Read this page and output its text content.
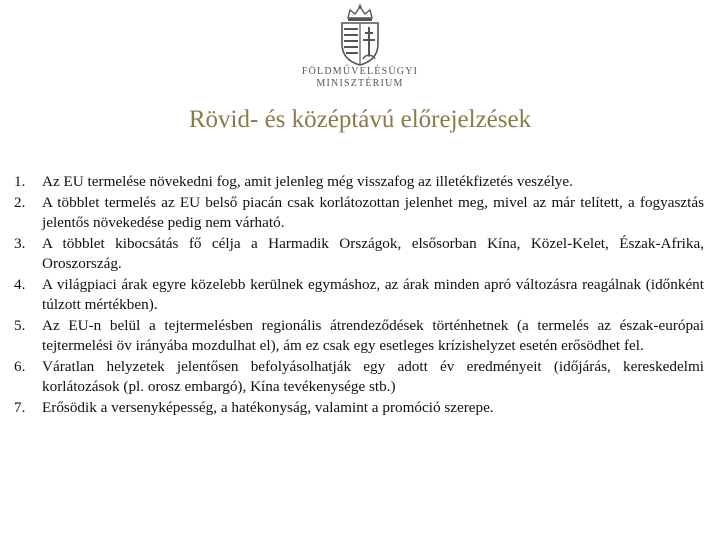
FÖLDMŰVELÉSÜGYI
MINISZTÉRIUM
Rövid- és középtávú előrejelzések
1.	Az EU termelése növekedni fog, amit jelenleg még visszafog az illetékfizetés veszélye.
2.	A többlet termelés az EU belső piacán csak korlátozottan jelenhet meg, mivel az már telített, a fogyasztás jelentős növekedése pedig nem várható.
3.	A többlet kibocsátás fő célja a Harmadik Országok, elsősorban Kína, Közel-Kelet, Észak-Afrika, Oroszország.
4.	A világpiaci árak egyre közelebb kerülnek egymáshoz, az árak minden apró változásra reagálnak (időnként túlzott mértékben).
5.	Az EU-n belül a tejtermelésben regionális átrendeződések történhetnek (a termelés az észak-európai tejtermelési öv irányába mozdulhat el), ám ez csak egy esetleges krízishelyzet esetén erősödhet fel.
6.	Váratlan helyzetek jelentősen befolyásolhatják egy adott év eredményeit (időjárás, kereskedelmi korlátozások (pl. orosz embargó), Kína tevékenysége stb.)
7.	Erősödik a versenyképesség, a hatékonyság, valamint a promóció szerepe.
